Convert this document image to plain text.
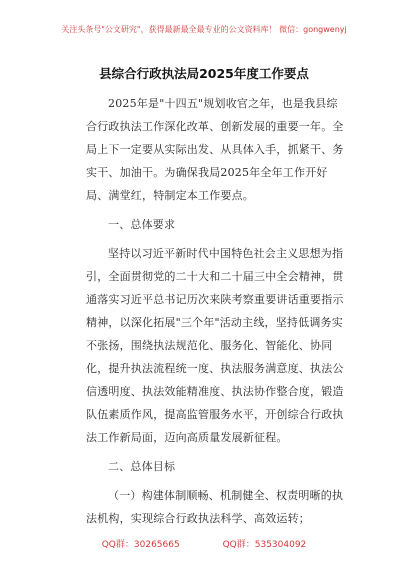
关注头条号"公文研究"，获得最新最全最专业的公文资料库！ 微信：gongwenyj
县综合行政执法局2025年度工作要点

2025年是"十四五"规划收官之年，也是我县综合行政执法工作深化改革、创新发展的重要一年。全局上下一定要从实际出发、从具体入手，抓紧干、务实干、加油干。为确保我局2025年全年工作开好局、满堂红，特制定本工作要点。

一、总体要求

坚持以习近平新时代中国特色社会主义思想为指引，全面贯彻党的二十大和二十届三中全会精神，贯通落实习近平总书记历次来陕考察重要讲话重要指示精神，以深化拓展"三个年"活动主线，坚持低调务实不张扬，围绕执法规范化、服务化、智能化、协同化，提升执法流程统一度、执法服务满意度、执法公信透明度、执法效能精准度、执法协作整合度，锻造队伍素质作风，提高监管服务水平，开创综合行政执法工作新局面，迈向高质量发展新征程。

二、总体目标

（一）构建体制顺畅、机制健全、权责明晰的执法机构，实现综合行政执法科学、高效运转；

QQ群：30265665	QQ群：535304092
